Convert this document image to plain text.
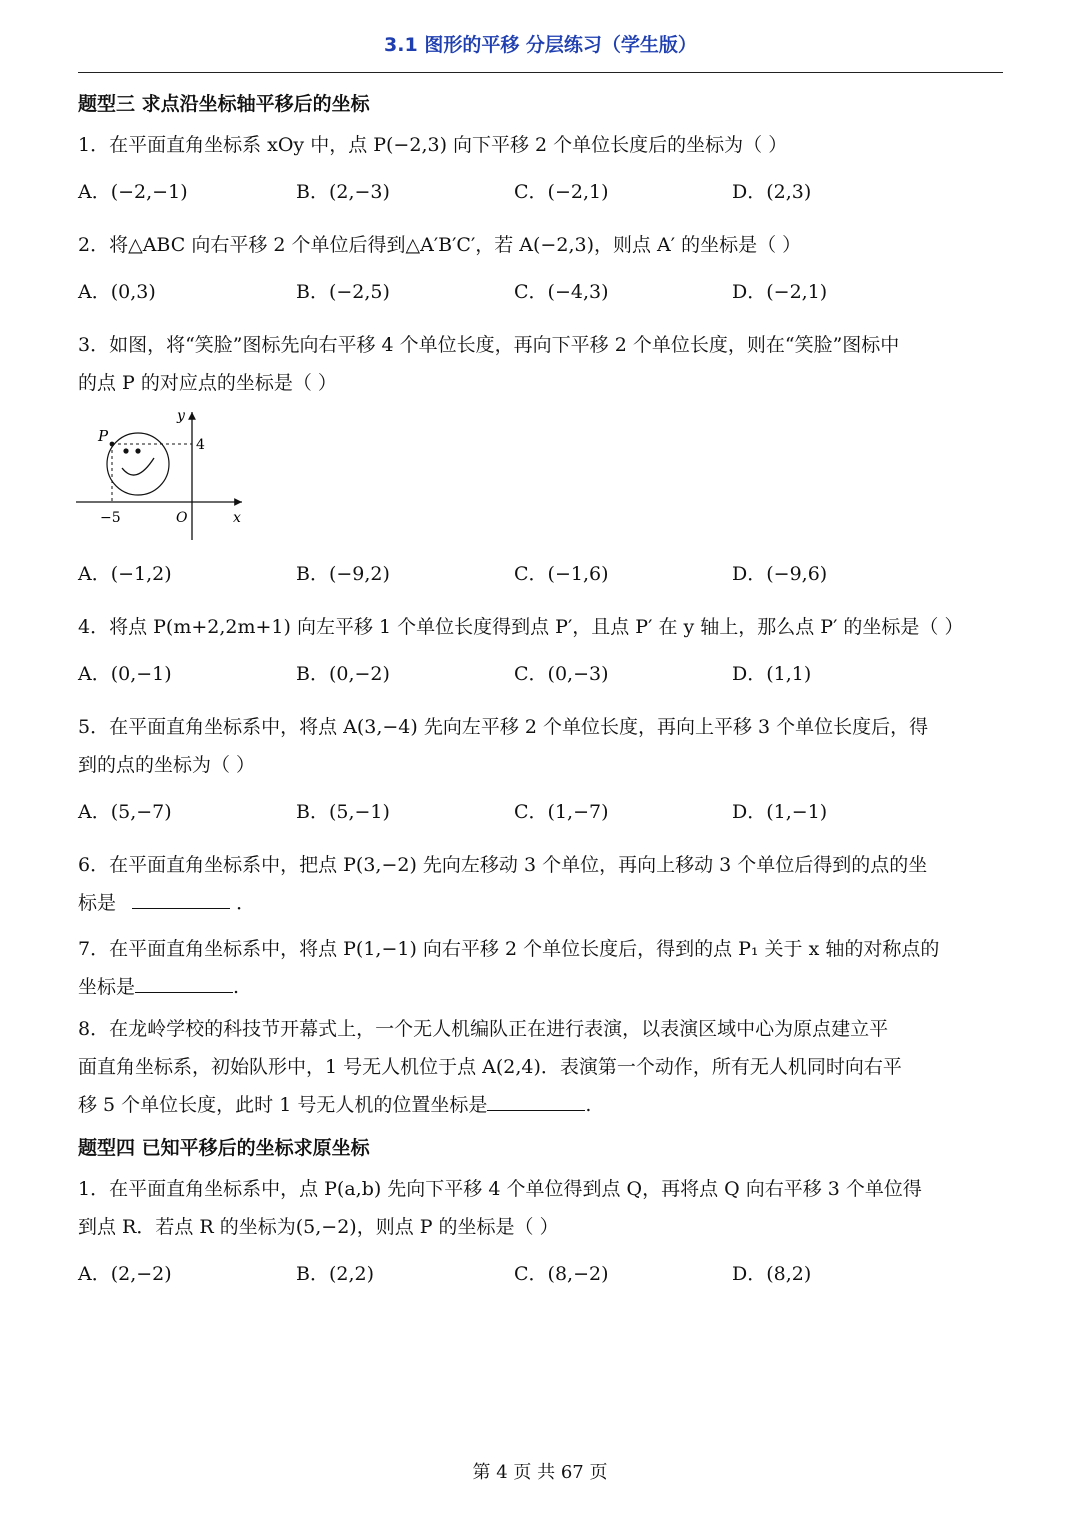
3.1 图形的平移 分层练习（学生版）
题型三 求点沿坐标轴平移后的坐标
1．在平面直角坐标系 xOy 中，点 P(−2,3) 向下平移 2 个单位长度后的坐标为（ ）
A．(−2,−1)	B．(2,−3)	C．(−2,1)	D．(2,3)
2．将△ABC 向右平移 2 个单位后得到△A′B′C′，若 A(−2,3)，则点 A′ 的坐标是（ ）
A．(0,3)	B．(−2,5)	C．(−4,3)	D．(−2,1)
3．如图，将“笑脸”图标先向右平移 4 个单位长度，再向下平移 2 个单位长度，则在“笑脸”图标中
的点 P 的对应点的坐标是（ ）
y
4
P
−5	O	x
A．(−1,2)	B．(−9,2)	C．(−1,6)	D．(−9,6)
4．将点 P(m+2,2m+1) 向左平移 1 个单位长度得到点 P′，且点 P′ 在 y 轴上，那么点 P′ 的坐标是（ ）
A．(0,−1)	B．(0,−2)	C．(0,−3)	D．(1,1)
5．在平面直角坐标系中，将点 A(3,−4) 先向左平移 2 个单位长度，再向上平移 3 个单位长度后，得
到的点的坐标为（ ）
A．(5,−7)	B．(5,−1)	C．(1,−7)	D．(1,−1)
6．在平面直角坐标系中，把点 P(3,−2) 先向左移动 3 个单位，再向上移动 3 个单位后得到的点的坐
标是	．
7．在平面直角坐标系中，将点 P(1,−1) 向右平移 2 个单位长度后，得到的点 P₁ 关于 x 轴的对称点的
坐标是	.
8．在龙岭学校的科技节开幕式上，一个无人机编队正在进行表演，以表演区域中心为原点建立平
面直角坐标系，初始队形中，1 号无人机位于点 A(2,4)．表演第一个动作，所有无人机同时向右平
移 5 个单位长度，此时 1 号无人机的位置坐标是	.
题型四 已知平移后的坐标求原坐标
1．在平面直角坐标系中，点 P(a,b) 先向下平移 4 个单位得到点 Q，再将点 Q 向右平移 3 个单位得
到点 R．若点 R 的坐标为(5,−2)，则点 P 的坐标是（ ）
A．(2,−2)	B．(2,2)	C．(8,−2)	D．(8,2)
第 4 页 共 67 页
